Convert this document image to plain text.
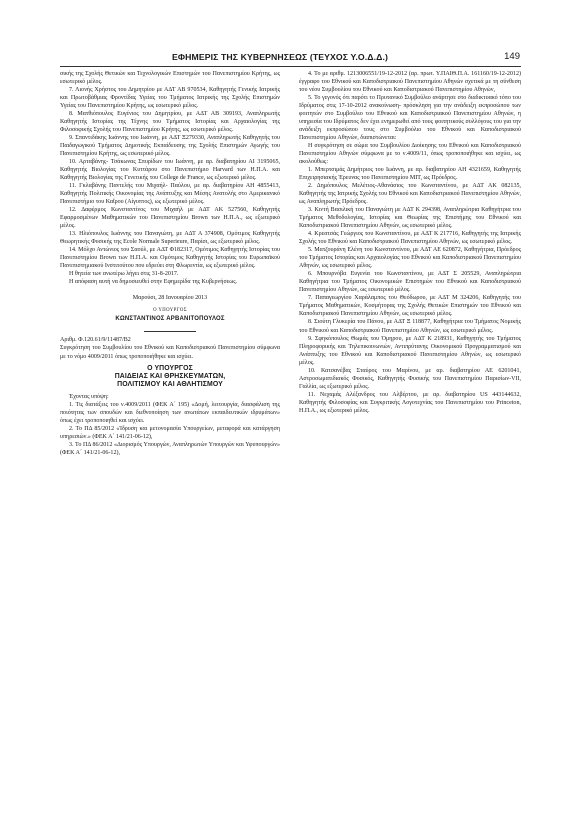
ΕΦΗΜΕΡΙΣ ΤΗΣ ΚΥΒΕΡΝΗΣΕΩΣ (ΤΕΥΧΟΣ Υ.Ο.Δ.Δ.)	149

σικής της Σχολής Θετικών και Τεχνολογικών Επιστημών του Πανεπιστημίου Κρήτης, ως εσωτερικό μέλος.

7. Λιονής Χρήστος του Δημητρίου με ΑΔΤ ΑΒ 970534, Καθηγητής Γενικής Ιατρικής και Πρωτοβάθμιας Φροντίδας Υγείας του Τμήματος Ιατρικής της Σχολής Επιστημών Υγείας του Πανεπιστημίου Κρήτης, ως εσωτερικό μέλος.

8. Ματθιόπουλος Ευγένιος του Δημητρίου, με ΑΔΤ ΑΒ 309193, Αναπληρωτής Καθηγητής Ιστορίας της Τέχνης του Τμήματος Ιστορίας και Αρχαιολογίας της Φιλοσοφικής Σχολής του Πανεπιστημίου Κρήτης, ως εσωτερικό μέλος.

9. Σπαντιδάκης Ιωάννης του Ιωάννη, με ΑΔΤ Ξ279330, Αναπληρωτής Καθηγητής του Παιδαγωγικού Τμήματος Δημοτικής Εκπαίδευσης της Σχολής Επιστημών Αγωγής του Πανεπιστημίου Κρήτης, ως εσωτερικό μέλος.

10. Αρταβάνης- Τσάκωνας Σπυρίδων του Ιωάννη, με αρ. διαβατηρίου ΑΙ 3195065, Καθηγητής Βιολογίας του Κυττάρου στο Πανεπιστήμιο Harvard των Η.Π.Α. και Καθηγητής Βιολογίας της Γενετικής του College de France, ως εξωτερικό μέλος.

11. Γκλαβάνης Παντελής του Μιχαήλ- Παύλου, με αρ. διαβατηρίου ΑΗ 4855413, Καθηγητής Πολιτικής Οικονομίας της Ανάπτυξης και Μέσης Ανατολής στο Αμερικανικό Πανεπιστήμιο του Καΐρου (Αίγυπτος), ως εξωτερικό μέλος.

12. Δαφέρμος Κωνσταντίνος του Μιχαήλ με ΑΔΤ ΑΚ 527560, Καθηγητής Εφαρμοσμένων Μαθηματικών του Πανεπιστημίου Brown των Η.Π.Α., ως εξωτερικό μέλος.

13. Ηλιόπουλος Ιωάννης του Παναγιώτη, με ΑΔΤ Α 374908, Ομότιμος Καθηγητής Θεωρητικής Φυσικής της Ecole Normale Superieure, Παρίσι, ως εξωτερικό μέλος.

14. Μόλχο Αντώνιος του Σαούλ, με ΑΔΤ Φ182317, Ομότιμος Καθηγητής Ιστορίας του Πανεπιστημίου Brown των Η.Π.Α. και Ομότιμος Καθηγητής Ιστορίας του Ευρωπαϊκού Πανεπιστημιακού Ινστιτούτου που εδρεύει στη Φλωρεντία, ως εξωτερικό μέλος.

Η θητεία των ανωτέρω λήγει στις 31-8-2017.

Η απόφαση αυτή να δημοσιευθεί στην Εφημερίδα της Κυβερνήσεως.

Μαρούσι, 28 Ιανουαρίου 2013

Ο ΥΠΟΥΡΓΟΣ

ΚΩΝΣΤΑΝΤΙΝΟΣ ΑΡΒΑΝΙΤΟΠΟΥΛΟΣ

Αριθμ. Φ.120.61/9/11487/Β2

Συγκρότηση του Συμβουλίου του Εθνικού και Καποδιστριακού Πανεπιστημίου σύμφωνα με το νόμο 4009/2011 όπως τροποποιήθηκε και ισχύει.

Ο ΥΠΟΥΡΓΟΣ
ΠΑΙΔΕΙΑΣ ΚΑΙ ΘΡΗΣΚΕΥΜΑΤΩΝ,
ΠΟΛΙΤΙΣΜΟΥ ΚΑΙ ΑΘΛΗΤΙΣΜΟΥ

Έχοντας υπόψη:

1. Τις διατάξεις του ν.4009/2011 (ΦΕΚ Α΄ 195) «Δομή, λειτουργία, διασφάλιση της ποιότητας των σπουδών και διεθνοποίηση των ανωτάτων εκπαιδευτικών ιδρυμάτων» όπως έχει τροποποιηθεί και ισχύει.

2. Το ΠΔ 85/2012 «Ίδρυση και μετονομασία Υπουργείων, μεταφορά και κατάργηση υπηρεσιών.» (ΦΕΚ Α΄ 141/21-06-12),

3. Το ΠΔ 86/2012 «Διορισμός Υπουργών, Αναπληρωτών Υπουργών και Υφυπουργών» (ΦΕΚ Α΄ 141/21-06-12),

4. Το με αριθμ. 1213006551/19-12-2012 (αρ. πρωτ. Υ.ΠΑΙΘ.Π.Α. 161160/19-12-2012) έγγραφο του Εθνικού και Καποδιστριακού Πανεπιστημίου Αθηνών σχετικά με τη σύνθεση του νέου Συμβουλίου του Εθνικού και Καποδιστριακού Πανεπιστημίου Αθηνών,

5. Το γεγονός ότι παρότι το Πρυτανικό Συμβούλιο ανάρτησε στο διαδικτυακό τόπο του Ιδρύματος στις 17-10-2012 ανακοίνωση- πρόσκληση για την ανάδειξη εκπροσώπου των φοιτητών στο Συμβούλιο του Εθνικού και Καποδιστριακού Πανεπιστημίου Αθηνών, η υπηρεσία του Ιδρύματος δεν έχει ενημερωθεί από τους φοιτητικούς συλλόγους του για την ανάδειξη εκπροσώπου τους στο Συμβούλιο του Εθνικού και Καποδιστριακού Πανεπιστημίου Αθηνών, διαπιστώνεται:

Η συγκρότηση σε σώμα του Συμβουλίου Διοίκησης του Εθνικού και Καποδιστριακού Πανεπιστημίου Αθηνών σύμφωνα με το ν.4009/11, όπως τροποποιήθηκε και ισχύει, ως ακολούθως:

1. Μπερτσιμάς Δημήτριος του Ιωάννη, με αρ. διαβατηρίου ΑΗ 4321659, Καθηγητής Επιχειρησιακής Έρευνας του Πανεπιστημίου ΜΙΤ, ως Πρόεδρος.

2. Δημόπουλος Μελέτιος-Αθανάσιος του Κωνσταντίνου, με ΑΔΤ ΑΚ 082135, Καθηγητής της Ιατρικής Σχολής του Εθνικού και Καποδιστριακού Πανεπιστημίου Αθηνών, ως Αναπληρωτής Πρόεδρος.

3. Κιντή Βασιλική του Παναγιώτη με ΑΔΤ Κ 294398, Αναπληρώτρια Καθηγήτρια του Τμήματος Μεθοδολογίας, Ιστορίας και Θεωρίας της Επιστήμης του Εθνικού και Καποδιστριακού Πανεπιστημίου Αθηνών, ως εσωτερικό μέλος.

4. Κρεατσάς Γεώργιος του Κωνσταντίνου, με ΑΔΤ Κ 217716, Καθηγητής της Ιατρικής Σχολής του Εθνικού και Καποδιστριακού Πανεπιστημίου Αθηνών, ως εσωτερικό μέλος.

5. Ματζουράνη Ελένη του Κωνσταντίνου, με ΑΔΤ ΑΕ 620872, Καθηγήτρια, Πρόεδρος του Τμήματος Ιστορίας και Αρχαιολογίας του Εθνικού και Καποδιστριακού Πανεπιστημίου Αθηνών, ως εσωτερικό μέλος.

6. Μπουρνόβα Ευγενία του Κωνσταντίνου, με ΑΔΤ Σ 205529, Αναπληρώτρια Καθηγήτρια του Τμήματος Οικονομικών Επιστημών του Εθνικού και Καποδιστριακού Πανεπιστημίου Αθηνών, ως εσωτερικό μέλος.

7. Παπαγεωργίου Χαράλαμπος του Θεόδωρου, με ΑΔΤ Μ 324206, Καθηγητής του Τμήματος Μαθηματικών, Κοσμήτορας της Σχολής Θετικών Επιστημών του Εθνικού και Καποδιστριακού Πανεπιστημίου Αθηνών, ως εσωτερικό μέλος.

8. Σιούτη Γλυκερία του Πάνου, με ΑΔΤ Ξ 118877, Καθηγήτρια του Τμήματος Νομικής του Εθνικού και Καποδιστριακού Πανεπιστημίου Αθηνών, ως εσωτερικό μέλος.

9. Σφηκόπουλος Θωμάς του Όμηρου, με ΑΔΤ Κ 218931, Καθηγητής του Τμήματος Πληροφορικής και Τηλεπικοινωνιών, Αντιπρύτανης Οικονομικού Προγραμματισμού και Ανάπτυξης του Εθνικού και Καποδιστριακού Πανεπιστημίου Αθηνών, ως εσωτερικό μέλος.

10. Κατσανέβας Σταύρος του Μαρίνου, με αρ. διαβατηρίου ΑΕ 6201041, Αστροσωματιδιακός Φυσικός, Καθηγητής Φυσικής του Πανεπιστημίου Παρισίων-VII, Γαλλία, ως εξωτερικό μέλος.

11. Νεχαμάς Αλέξανδρος του Αλβέρτου, με αρ. διαβατηρίου US 443144632, Καθηγητής Φιλοσοφίας και Συγκριτικής Λογοτεχνίας του Πανεπιστημίου του Princeton, Η.Π.Α., ως εξωτερικό μέλος.
